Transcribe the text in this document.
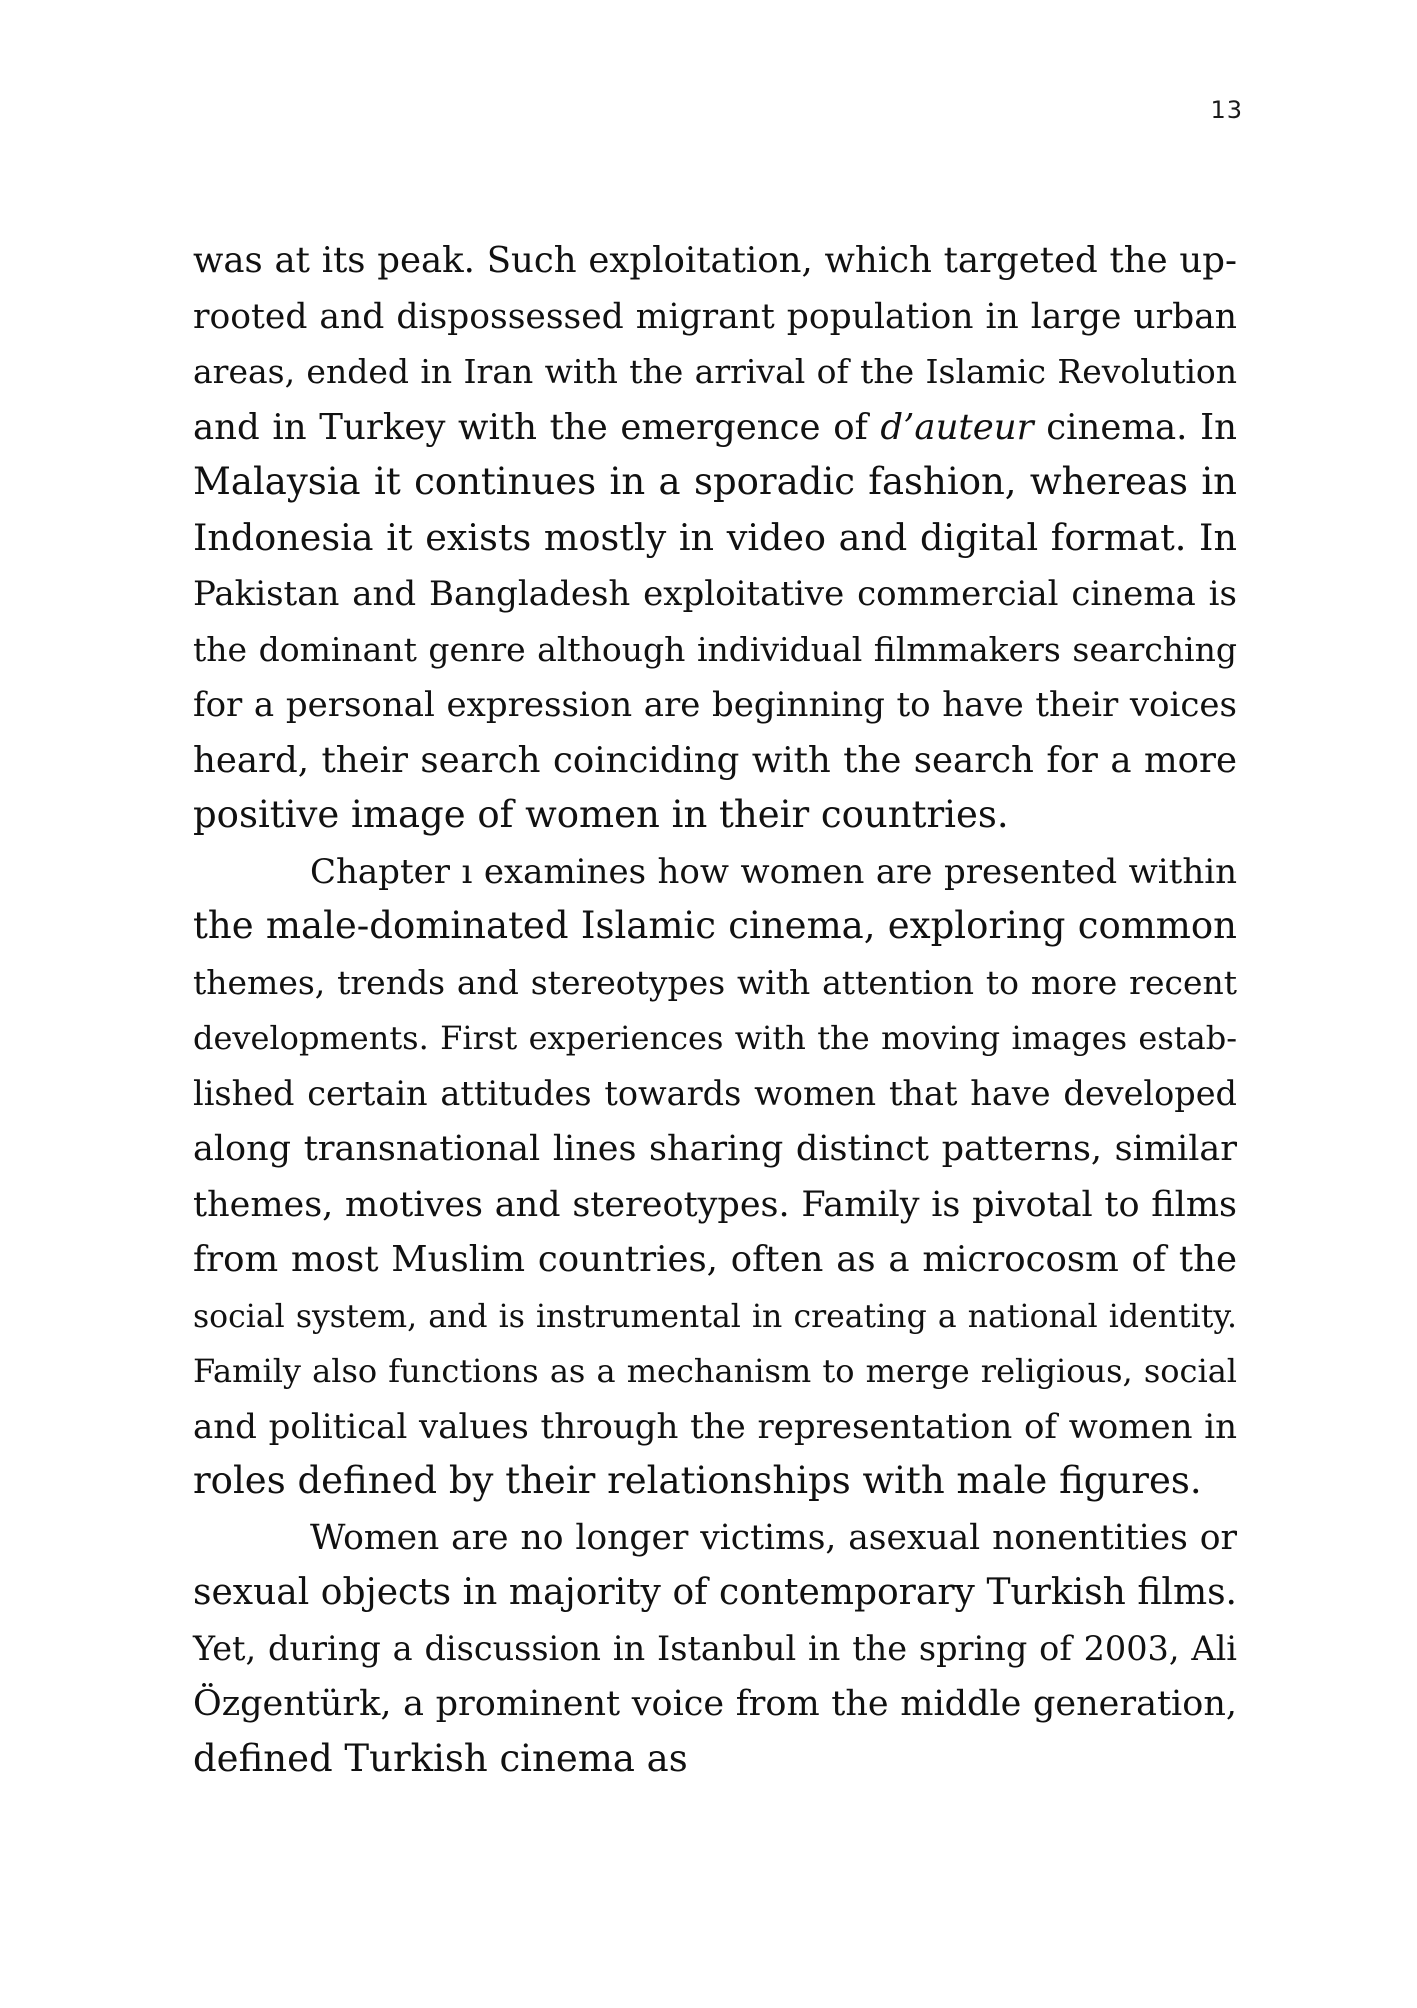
13
was at its peak. Such exploitation, which targeted the up-
rooted and dispossessed migrant population in large urban
areas, ended in Iran with the arrival of the Islamic Revolution
and in Turkey with the emergence of d’auteur cinema. In
Malaysia it continues in a sporadic fashion, whereas in
Indonesia it exists mostly in video and digital format. In
Pakistan and Bangladesh exploitative commercial cinema is
the dominant genre although individual filmmakers searching
for a personal expression are beginning to have their voices
heard, their search coinciding with the search for a more
positive image of women in their countries.
Chapter ı examines how women are presented within
the male-dominated Islamic cinema, exploring common
themes, trends and stereotypes with attention to more recent
developments. First experiences with the moving images estab-
lished certain attitudes towards women that have developed
along transnational lines sharing distinct patterns, similar
themes, motives and stereotypes. Family is pivotal to films
from most Muslim countries, often as a microcosm of the
social system, and is instrumental in creating a national identity.
Family also functions as a mechanism to merge religious, social
and political values through the representation of women in
roles defined by their relationships with male figures.
Women are no longer victims, asexual nonentities or
sexual objects in majority of contemporary Turkish films.
Yet, during a discussion in Istanbul in the spring of 2003, Ali
Özgentürk, a prominent voice from the middle generation,
defined Turkish cinema as
